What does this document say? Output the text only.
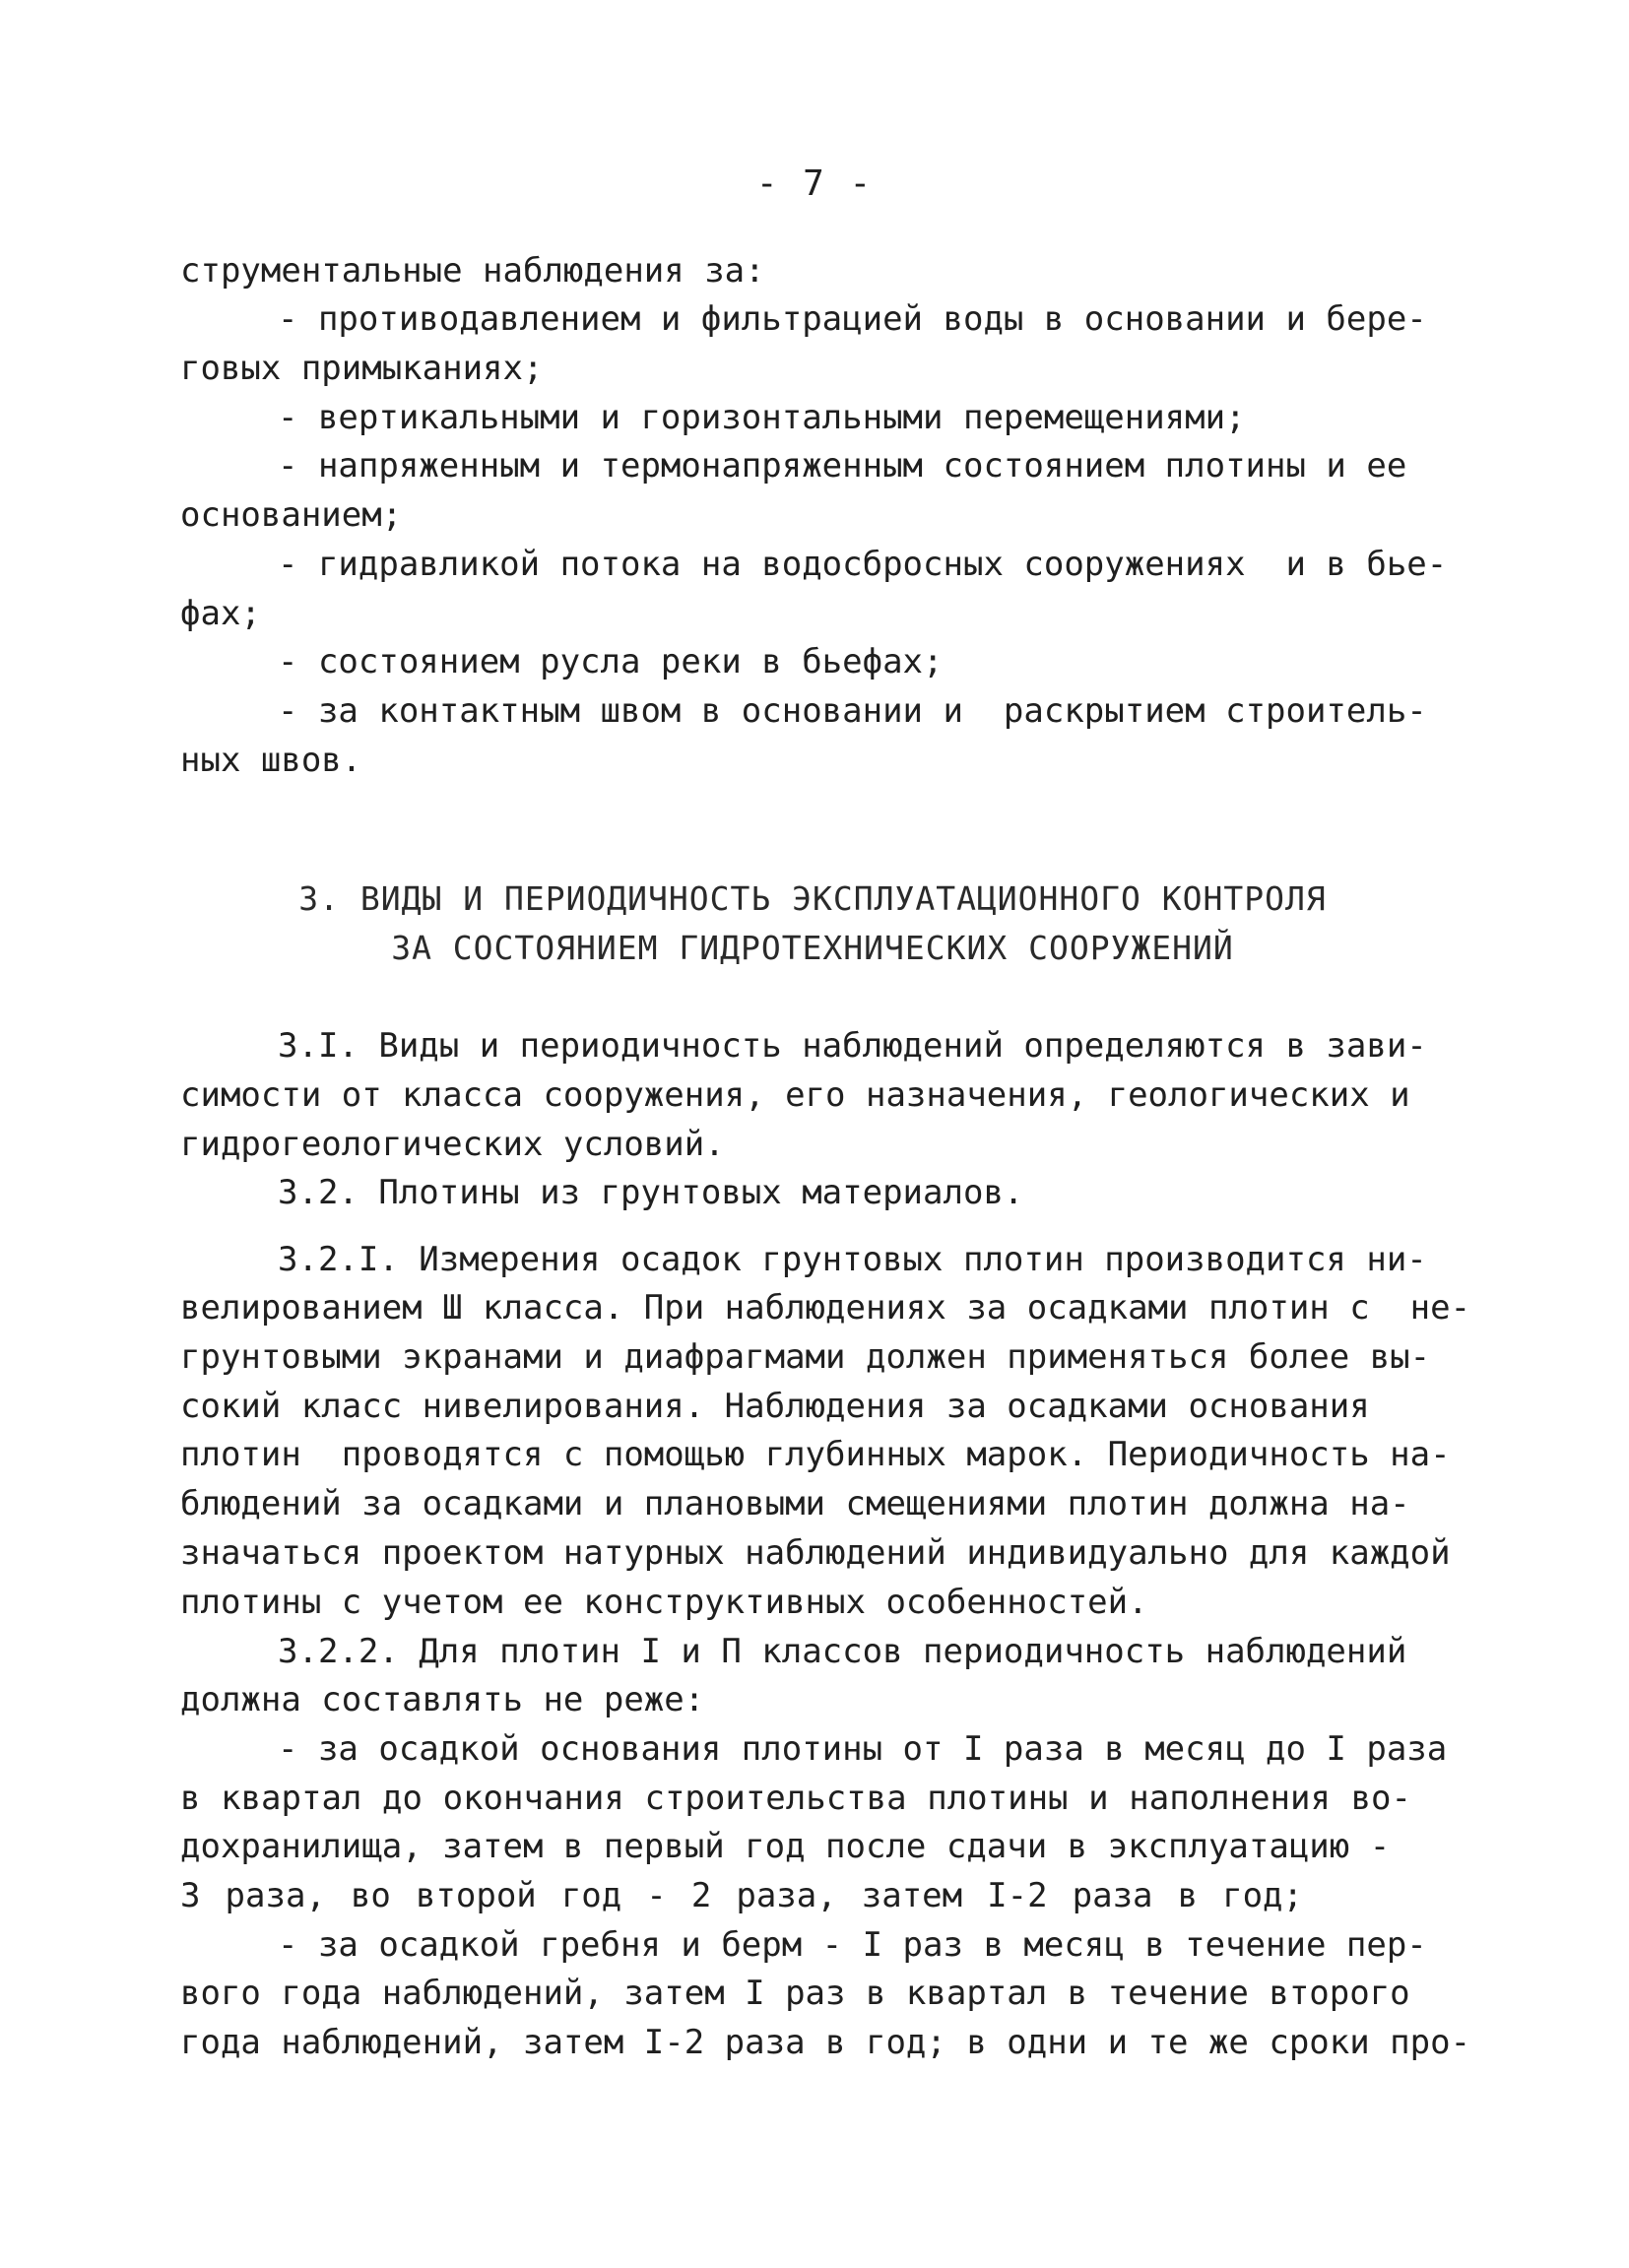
- 7 -
струментальные наблюдения за:
- противодавлением и фильтрацией воды в основании и бере-
говых примыканиях;
- вертикальными и горизонтальными перемещениями;
- напряженным и термонапряженным состоянием плотины и ее
основанием;
- гидравликой потока на водосбросных сооружениях  и в бье-
фах;
- состоянием русла реки в бьефах;
- за контактным швом в основании и  раскрытием строитель-
ных швов.
3. ВИДЫ И ПЕРИОДИЧНОСТЬ ЭКСПЛУАТАЦИОННОГО КОНТРОЛЯ
ЗА СОСТОЯНИЕМ ГИДРОТЕХНИЧЕСКИХ СООРУЖЕНИЙ
3.I. Виды и периодичность наблюдений определяются в зави-
симости от класса сооружения, его назначения, геологических и
гидрогеологических условий.
3.2. Плотины из грунтовых материалов.
3.2.I. Измерения осадок грунтовых плотин производится ни-
велированием Ш класса. При наблюдениях за осадками плотин с  не-
грунтовыми экранами и диафрагмами должен применяться более вы-
сокий класс нивелирования. Наблюдения за осадками основания
плотин  проводятся с помощью глубинных марок. Периодичность на-
блюдений за осадками и плановыми смещениями плотин должна на-
значаться проектом натурных наблюдений индивидуально для каждой
плотины с учетом ее конструктивных особенностей.
3.2.2. Для плотин I и П классов периодичность наблюдений
должна составлять не реже:
- за осадкой основания плотины от I раза в месяц до I раза
в квартал до окончания строительства плотины и наполнения во-
дохранилища, затем в первый год после сдачи в эксплуатацию -
3 раза, во второй год - 2 раза, затем I-2 раза в год;
- за осадкой гребня и берм - I раз в месяц в течение пер-
вого года наблюдений, затем I раз в квартал в течение второго
года наблюдений, затем I-2 раза в год; в одни и те же сроки про-
